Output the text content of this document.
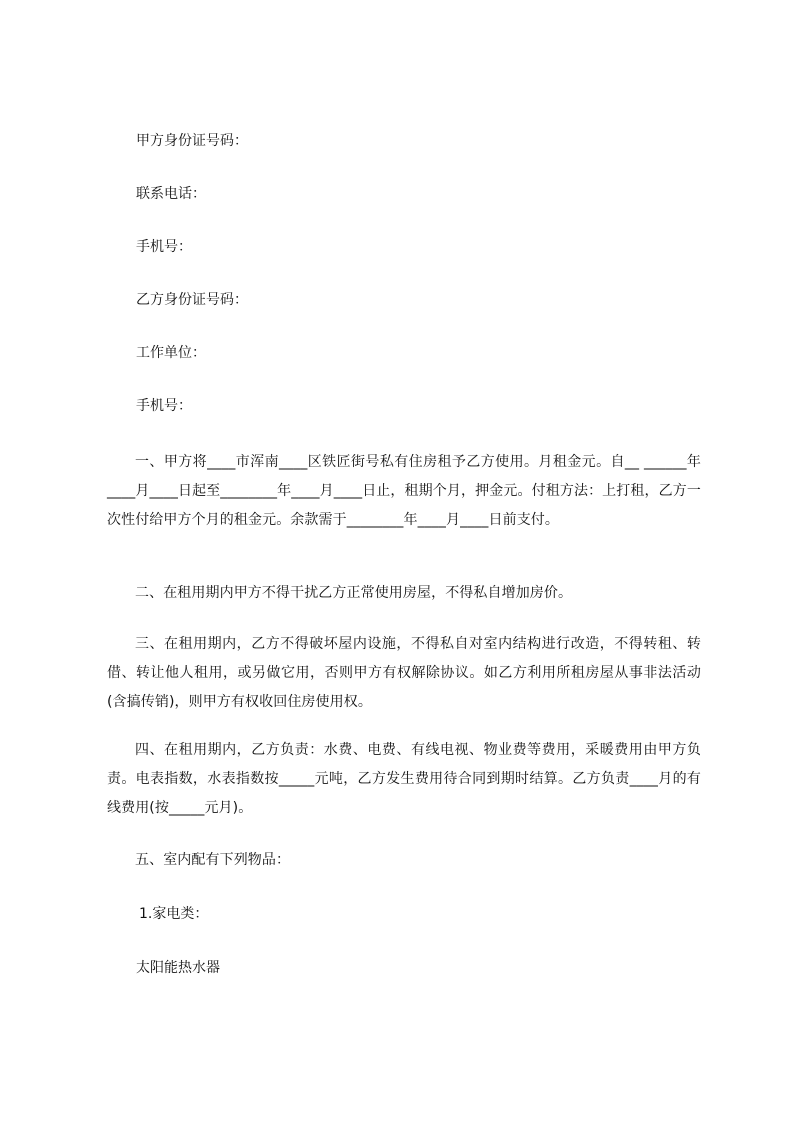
甲方身份证号码：

联系电话：

手机号：

乙方身份证号码：

工作单位：

手机号：

一、甲方将____市浑南____区铁匠街号私有住房租予乙方使用。月租金元。自__ ______年____月____日起至________年____月____日止，租期个月，押金元。付租方法：上打租，乙方一次性付给甲方个月的租金元。余款需于________年____月____日前支付。

二、在租用期内甲方不得干扰乙方正常使用房屋，不得私自增加房价。

三、在租用期内，乙方不得破坏屋内设施，不得私自对室内结构进行改造，不得转租、转借、转让他人租用，或另做它用，否则甲方有权解除协议。如乙方利用所租房屋从事非法活动(含搞传销)，则甲方有权收回住房使用权。

四、在租用期内，乙方负责：水费、电费、有线电视、物业费等费用，采暖费用由甲方负责。电表指数，水表指数按_____元吨，乙方发生费用待合同到期时结算。乙方负责____月的有线费用(按_____元月)。

五、室内配有下列物品：

1.家电类：

太阳能热水器
